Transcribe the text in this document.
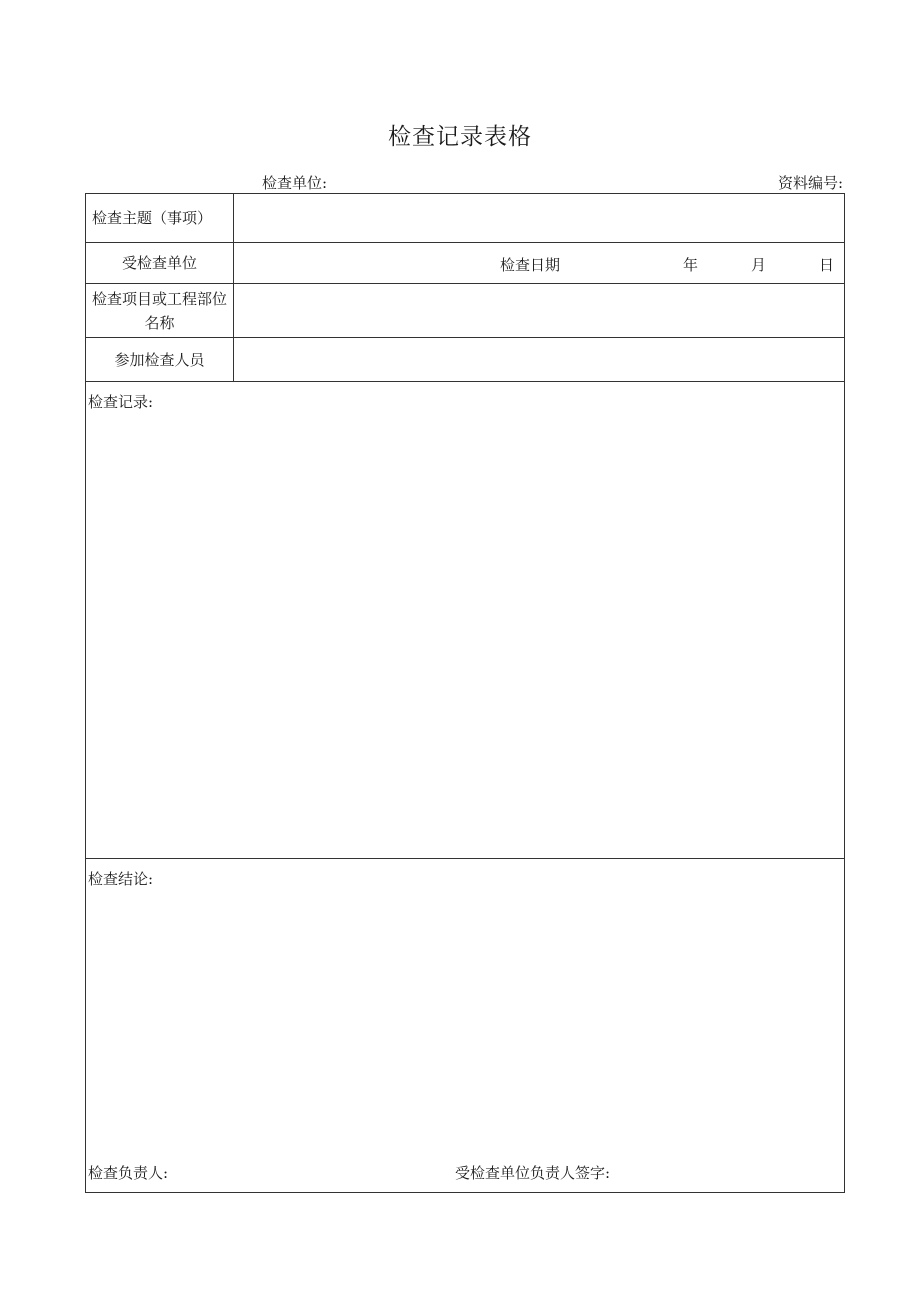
检查记录表格
检查单位:	资料编号:
检查主题（事项）
受检查单位	检查日期	年	月	日
检查项目或工程部位名称
参加检查人员
检查记录:
检查结论:
检查负责人:	受检查单位负责人签字:
